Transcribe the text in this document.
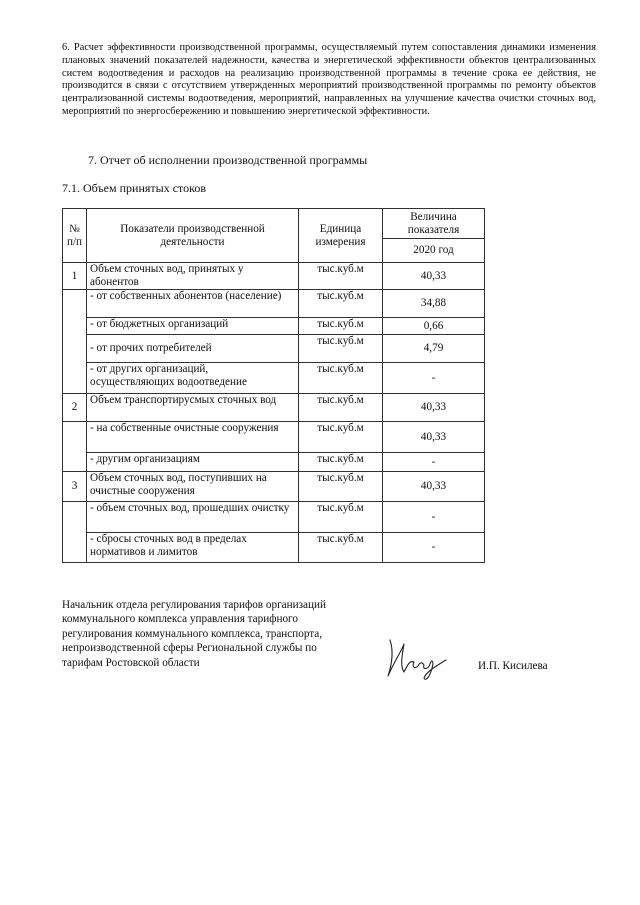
6. Расчет эффективности производственной программы, осуществляемый путем сопоставления динамики изменения плановых значений показателей надежности, качества и энергетической эффективности объектов централизованных систем водоотведения и расходов на реализацию производственной программы в течение срока ее действия, не производится в связи с отсутствием утвержденных мероприятий производственной программы по ремонту объектов централизованной системы водоотведения, мероприятий, направленных на улучшение качества очистки сточных вод, мероприятий по энергосбережению и повышению энергетической эффективности.
7. Отчет об исполнении производственной программы
7.1. Объем принятых стоков
№ п/п	Показатели производственной деятельности	Единица измерения	Величина показателя
			2020 год
1	Объем сточных вод, принятых у абонентов	тыс.куб.м	40,33
	- от собственных абонентов (население)	тыс.куб.м	34,88
	- от бюджетных организаций	тыс.куб.м	0,66
	- от прочих потребителей	тыс.куб.м	4,79
	- от других организаций, осуществляющих водоотведение	тыс.куб.м	-
2	Объем транспортирусмых сточных вод	тыс.куб.м	40,33
	- на собственные очистные сооружения	тыс.куб.м	40,33
	- другим организациям	тыс.куб.м	-
3	Объем сточных вод, поступивших на очистные сооружения	тыс.куб.м	40,33
	- объем сточных вод, прошедших очистку	тыс.куб.м	-
	- сбросы сточных вод в пределах нормативов и лимитов	тыс.куб.м	-
Начальник отдела регулирования тарифов организаций
коммунального комплекса управления тарифного
регулирования коммунального комплекса, транспорта,
непроизводственной сферы Региональной службы по
тарифам Ростовской области	И.П. Кисилева
